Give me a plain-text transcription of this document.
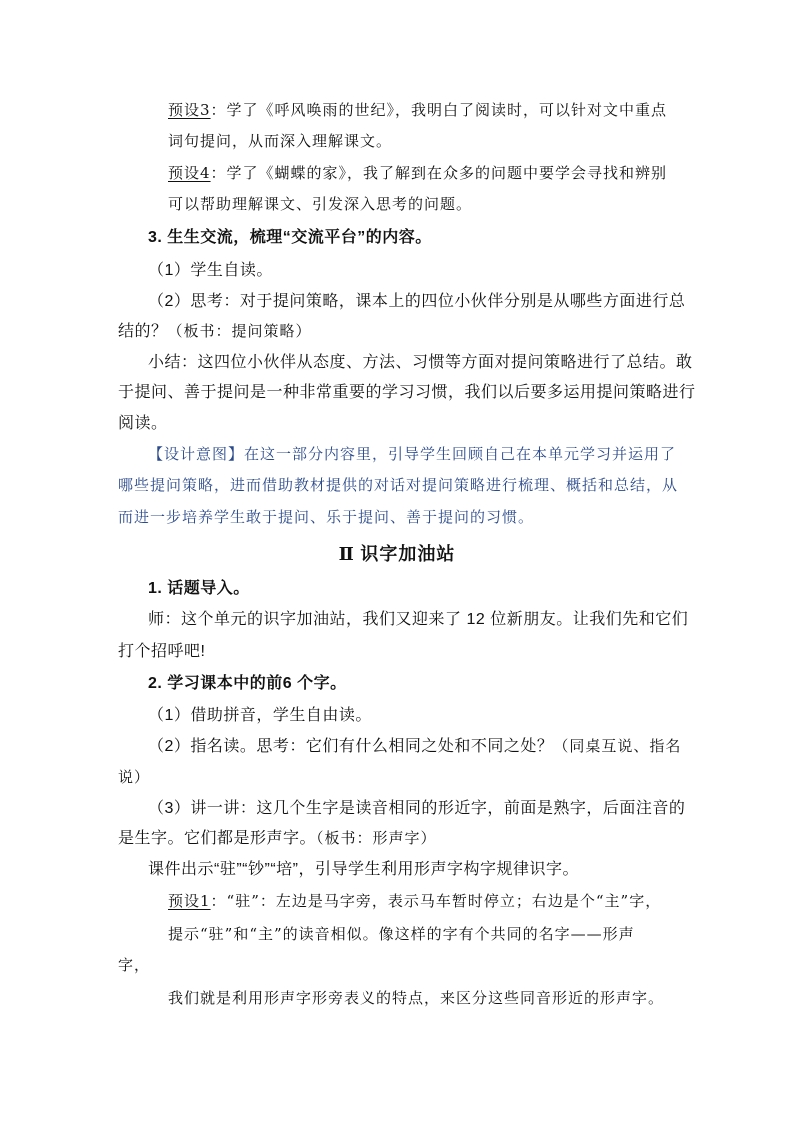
预设3：学了《呼风唤雨的世纪》，我明白了阅读时，可以针对文中重点
词句提问，从而深入理解课文。
预设4：学了《蝴蝶的家》，我了解到在众多的问题中要学会寻找和辨别
可以帮助理解课文、引发深入思考的问题。
3. 生生交流，梳理“交流平台”的内容。
（1）学生自读。
（2）思考：对于提问策略，课本上的四位小伙伴分别是从哪些方面进行总
结的？（板书：提问策略）
小结：这四位小伙伴从态度、方法、习惯等方面对提问策略进行了总结。敢
于提问、善于提问是一种非常重要的学习习惯，我们以后要多运用提问策略进行
阅读。
【设计意图】在这一部分内容里，引导学生回顾自己在本单元学习并运用了
哪些提问策略，进而借助教材提供的对话对提问策略进行梳理、概括和总结，从
而进一步培养学生敢于提问、乐于提问、善于提问的习惯。
Ⅱ 识字加油站
1. 话题导入。
师：这个单元的识字加油站，我们又迎来了 12 位新朋友。让我们先和它们
打个招呼吧!
2. 学习课本中的前6 个字。
（1）借助拼音，学生自由读。
（2）指名读。思考：它们有什么相同之处和不同之处？（同桌互说、指名
说）
（3）讲一讲：这几个生字是读音相同的形近字，前面是熟字，后面注音的
是生字。它们都是形声字。（板书：形声字）
课件出示“驻”“钞”“培”，引导学生利用形声字构字规律识字。
预设1：“驻”：左边是马字旁，表示马车暂时停立；右边是个“主”字，
提示“驻”和“主”的读音相似。像这样的字有个共同的名字——形声
字，
我们就是利用形声字形旁表义的特点，来区分这些同音形近的形声字。
